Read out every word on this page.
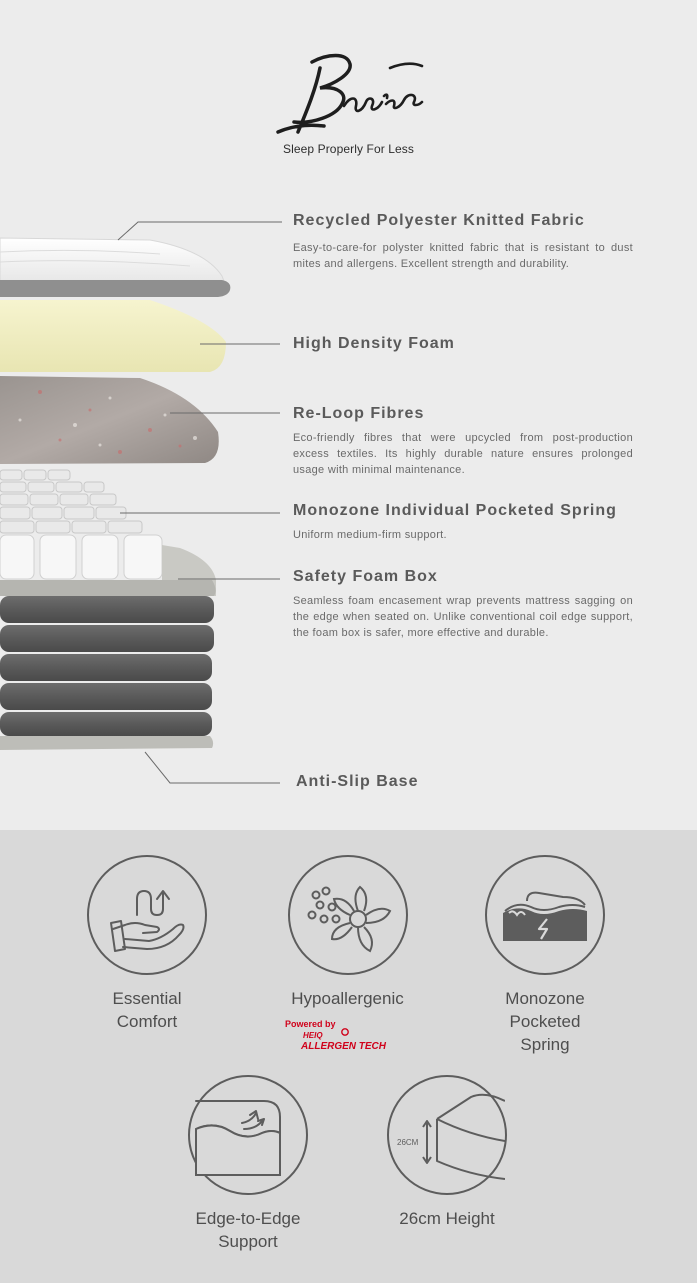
Sleep Properly For Less
Recycled Polyester Knitted Fabric
Easy-to-care-for polyster knitted fabric that is resistant to dust mites and allergens. Excellent strength and durability.
High Density Foam
Re-Loop Fibres
Eco-friendly fibres that were upcycled from post-production excess textiles. Its highly durable nature ensures prolonged usage with minimal maintenance.
Monozone Individual Pocketed Spring
Uniform medium-firm support.
Safety Foam Box
Seamless foam encasement wrap prevents mattress sagging on the edge when seated on. Unlike conventional coil edge support, the foam box is safer, more effective and durable.
Anti-Slip Base
Essential
Comfort
Hypoallergenic
Powered by
HEIQ
ALLERGEN TECH
Monozone
Pocketed
Spring
Edge-to-Edge
Support
26CM
26cm Height
